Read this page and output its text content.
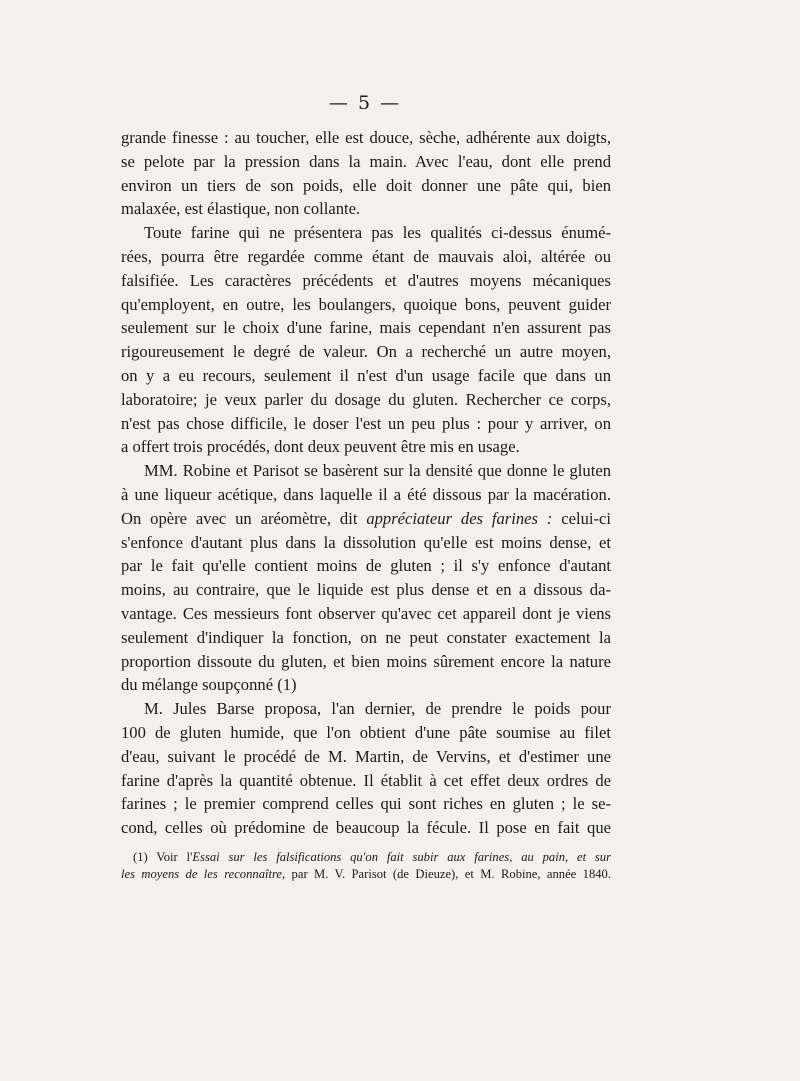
— 5 —
grande finesse : au toucher, elle est douce, sèche, adhérente aux doigts,
se pelote par la pression dans la main. Avec l'eau, dont elle prend
environ un tiers de son poids, elle doit donner une pâte qui, bien
malaxée, est élastique, non collante.
Toute farine qui ne présentera pas les qualités ci-dessus énumé-
rées, pourra être regardée comme étant de mauvais aloi, altérée ou
falsifiée. Les caractères précédents et d'autres moyens mécaniques
qu'employent, en outre, les boulangers, quoique bons, peuvent guider
seulement sur le choix d'une farine, mais cependant n'en assurent pas
rigoureusement le degré de valeur. On a recherché un autre moyen,
on y a eu recours, seulement il n'est d'un usage facile que dans un
laboratoire; je veux parler du dosage du gluten. Rechercher ce corps,
n'est pas chose difficile, le doser l'est un peu plus : pour y arriver, on
a offert trois procédés, dont deux peuvent être mis en usage.
MM. Robine et Parisot se basèrent sur la densité que donne le gluten
à une liqueur acétique, dans laquelle il a été dissous par la macération.
On opère avec un aréomètre, dit appréciateur des farines : celui-ci
s'enfonce d'autant plus dans la dissolution qu'elle est moins dense, et
par le fait qu'elle contient moins de gluten ; il s'y enfonce d'autant
moins, au contraire, que le liquide est plus dense et en a dissous da-
vantage. Ces messieurs font observer qu'avec cet appareil dont je viens
seulement d'indiquer la fonction, on ne peut constater exactement la
proportion dissoute du gluten, et bien moins sûrement encore la nature
du mélange soupçonné (1)
M. Jules Barse proposa, l'an dernier, de prendre le poids pour
100 de gluten humide, que l'on obtient d'une pâte soumise au filet
d'eau, suivant le procédé de M. Martin, de Vervins, et d'estimer une
farine d'après la quantité obtenue. Il établit à cet effet deux ordres de
farines ; le premier comprend celles qui sont riches en gluten ; le se-
cond, celles où prédomine de beaucoup la fécule. Il pose en fait que
(1) Voir l'Essai sur les falsifications qu'on fait subir aux farines, au pain, et sur
les moyens de les reconnaître, par M. V. Parisot (de Dieuze), et M. Robine, année 1840.
